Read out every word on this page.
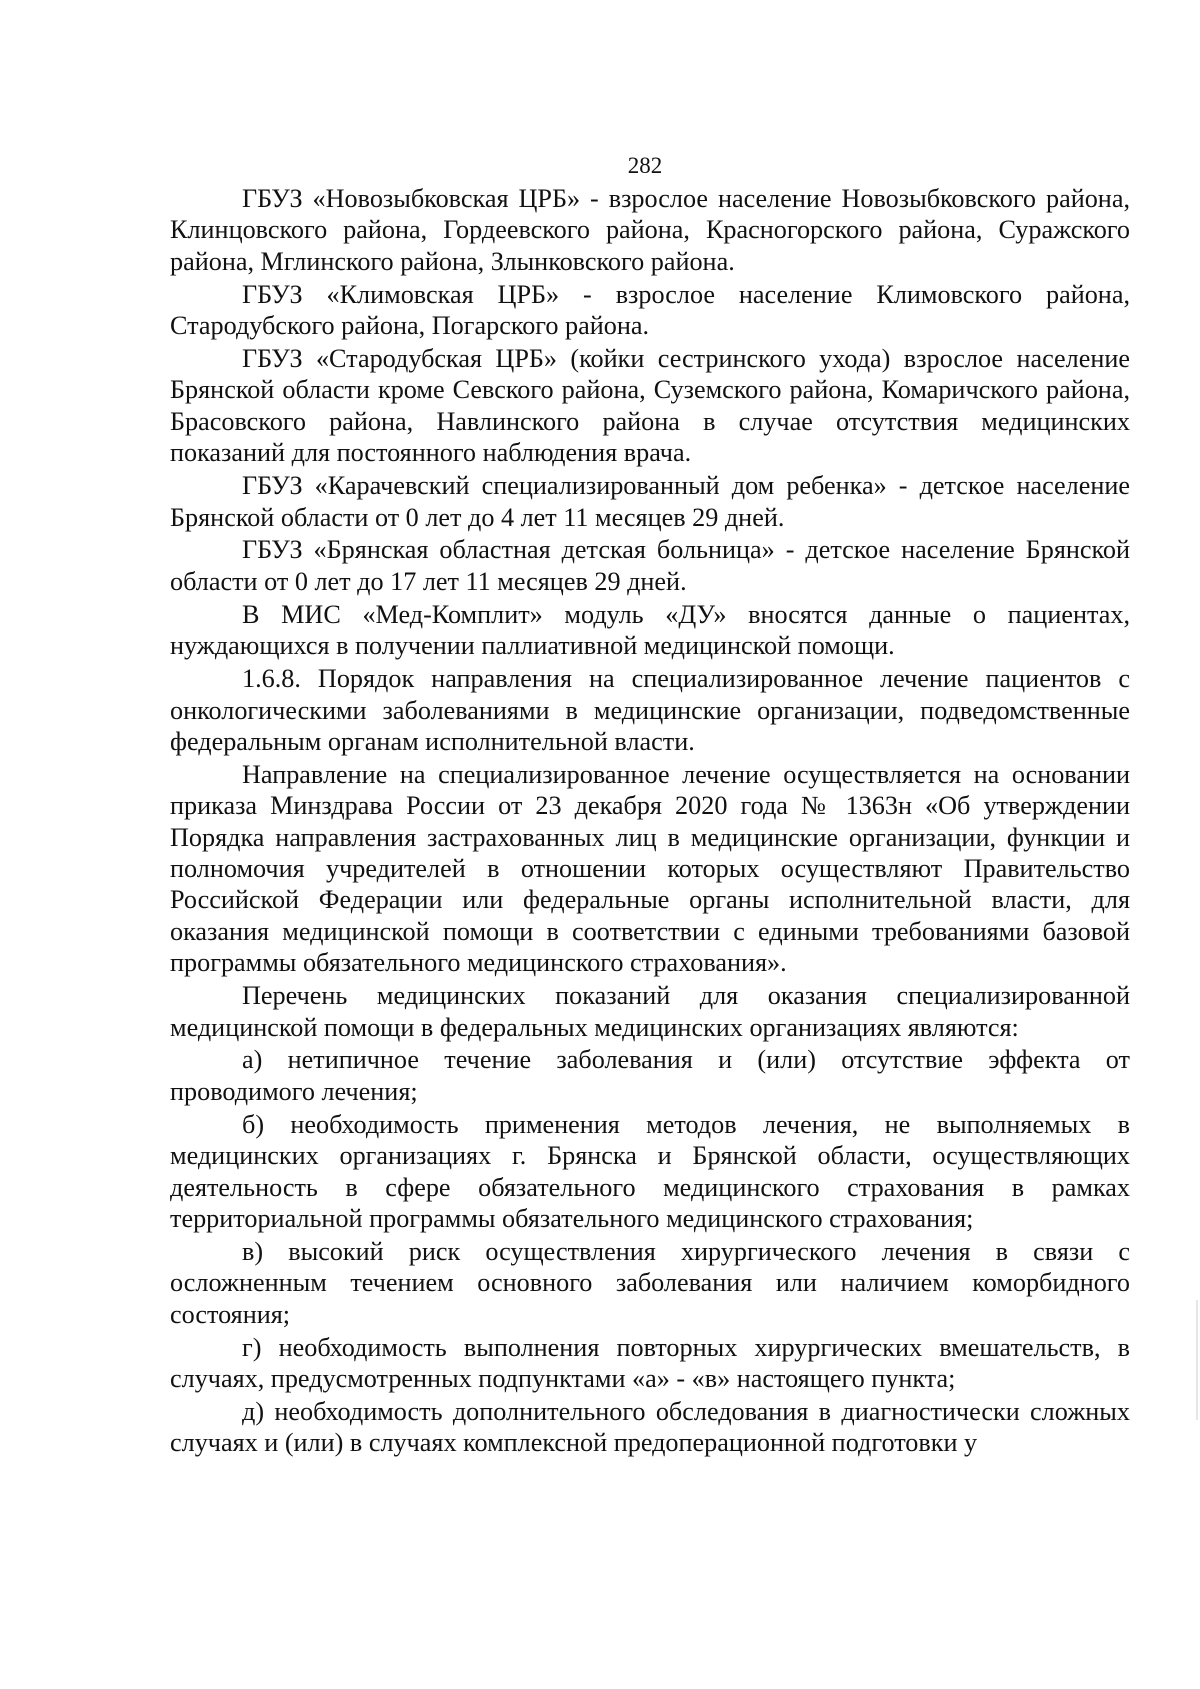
282

ГБУЗ «Новозыбковская ЦРБ» - взрослое население Новозыбковского района, Клинцовского района, Гордеевского района, Красногорского района, Суражского района, Мглинского района, Злынковского района.

ГБУЗ «Климовская ЦРБ» - взрослое население Климовского района, Стародубского района, Погарского района.

ГБУЗ «Стародубская ЦРБ» (койки сестринского ухода) взрослое население Брянской области кроме Севского района, Суземского района, Комаричского района, Брасовского района, Навлинского района в случае отсутствия медицинских показаний для постоянного наблюдения врача.

ГБУЗ «Карачевский специализированный дом ребенка» - детское население Брянской области от 0 лет до 4 лет 11 месяцев 29 дней.

ГБУЗ «Брянская областная детская больница» - детское население Брянской области от 0 лет до 17 лет 11 месяцев 29 дней.

В МИС «Мед-Комплит» модуль «ДУ» вносятся данные о пациентах, нуждающихся в получении паллиативной медицинской помощи.

1.6.8. Порядок направления на специализированное лечение пациентов с онкологическими заболеваниями в медицинские организации, подведомственные федеральным органам исполнительной власти.

Направление на специализированное лечение осуществляется на основании приказа Минздрава России от 23 декабря 2020 года № 1363н «Об утверждении Порядка направления застрахованных лиц в медицинские организации, функции и полномочия учредителей в отношении которых осуществляют Правительство Российской Федерации или федеральные органы исполнительной власти, для оказания медицинской помощи в соответствии с едиными требованиями базовой программы обязательного медицинского страхования».

Перечень медицинских показаний для оказания специализированной медицинской помощи в федеральных медицинских организациях являются:

а) нетипичное течение заболевания и (или) отсутствие эффекта от проводимого лечения;

б) необходимость применения методов лечения, не выполняемых в медицинских организациях г. Брянска и Брянской области, осуществляющих деятельность в сфере обязательного медицинского страхования в рамках территориальной программы обязательного медицинского страхования;

в) высокий риск осуществления хирургического лечения в связи с осложненным течением основного заболевания или наличием коморбидного состояния;

г) необходимость выполнения повторных хирургических вмешательств, в случаях, предусмотренных подпунктами «а» - «в» настоящего пункта;

д) необходимость дополнительного обследования в диагностически сложных случаях и (или) в случаях комплексной предоперационной подготовки у
